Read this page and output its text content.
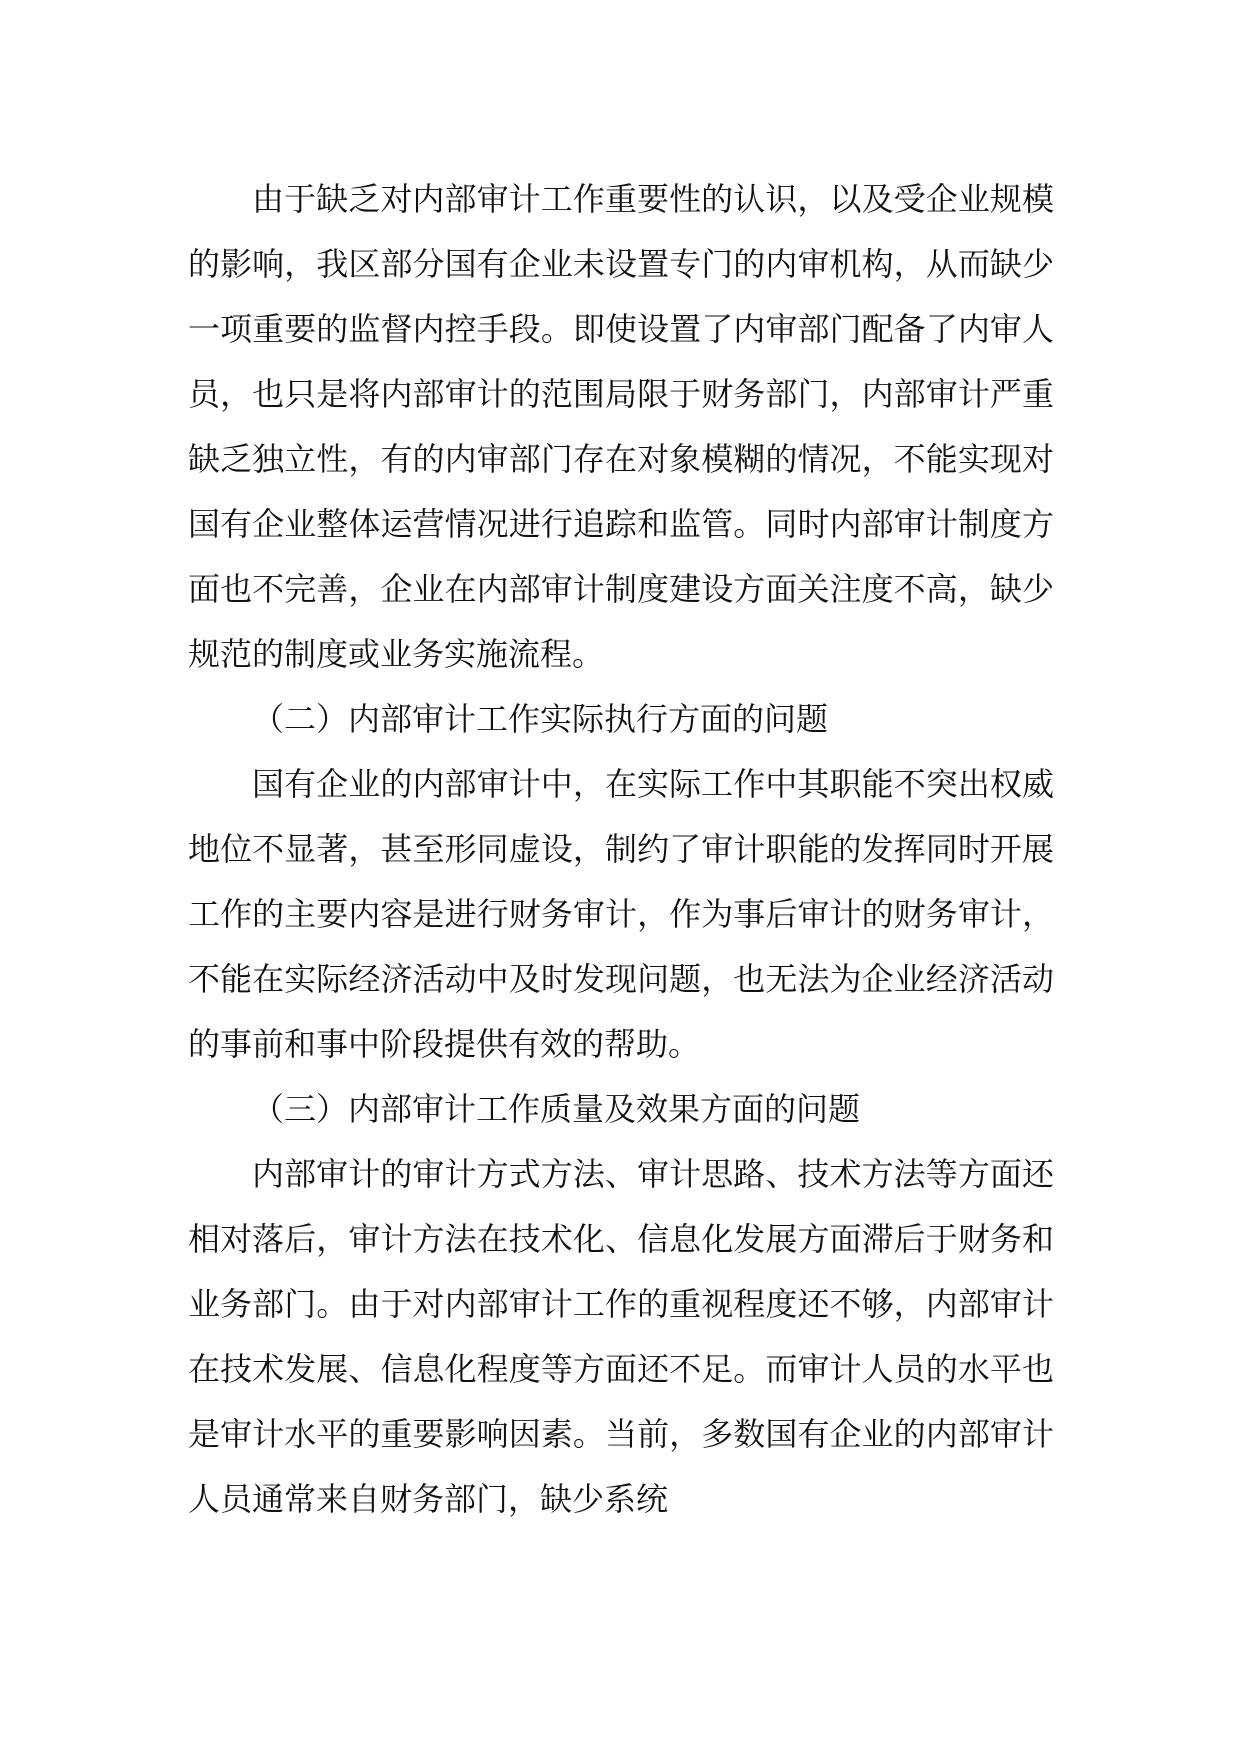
由于缺乏对内部审计工作重要性的认识，以及受企业规模的影响，我区部分国有企业未设置专门的内审机构，从而缺少一项重要的监督内控手段。即使设置了内审部门配备了内审人员，也只是将内部审计的范围局限于财务部门，内部审计严重缺乏独立性，有的内审部门存在对象模糊的情况，不能实现对国有企业整体运营情况进行追踪和监管。同时内部审计制度方面也不完善，企业在内部审计制度建设方面关注度不高，缺少规范的制度或业务实施流程。

（二）内部审计工作实际执行方面的问题

国有企业的内部审计中，在实际工作中其职能不突出权威地位不显著，甚至形同虚设，制约了审计职能的发挥同时开展工作的主要内容是进行财务审计，作为事后审计的财务审计，不能在实际经济活动中及时发现问题，也无法为企业经济活动的事前和事中阶段提供有效的帮助。

（三）内部审计工作质量及效果方面的问题

内部审计的审计方式方法、审计思路、技术方法等方面还相对落后，审计方法在技术化、信息化发展方面滞后于财务和业务部门。由于对内部审计工作的重视程度还不够，内部审计在技术发展、信息化程度等方面还不足。而审计人员的水平也是审计水平的重要影响因素。当前，多数国有企业的内部审计人员通常来自财务部门，缺少系统
